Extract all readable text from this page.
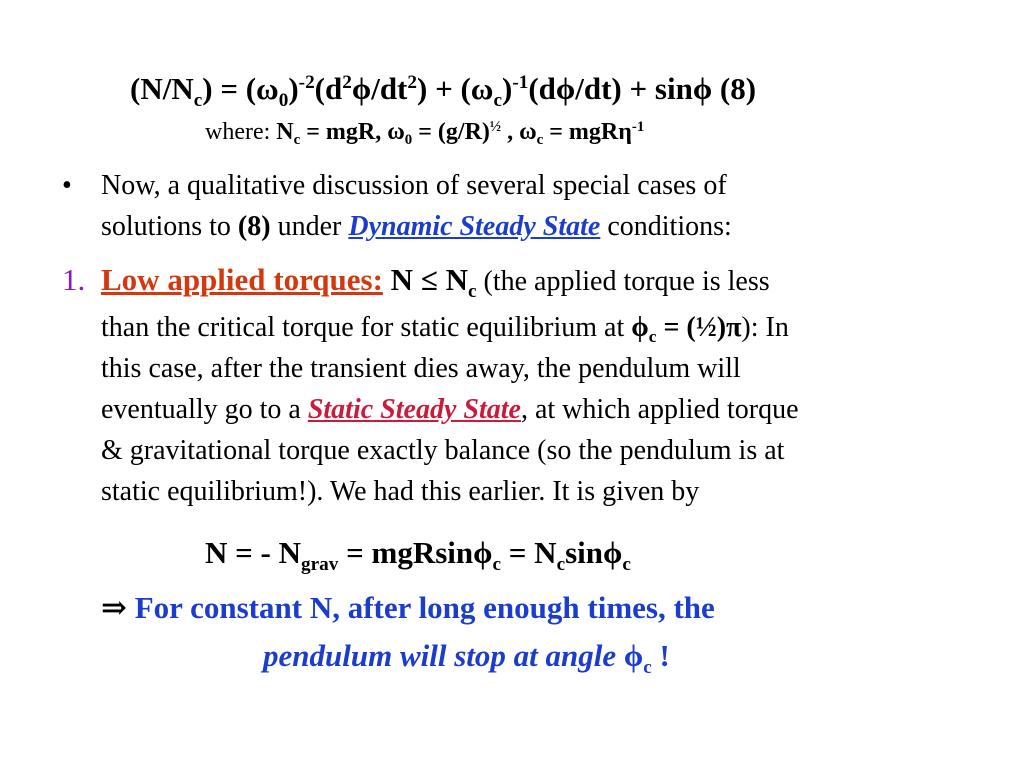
$(N/N_c) = (\omega_0)^{-2}(d^2\phi/dt^2) + (\omega_c)^{-1}(d\phi/dt) + \sin\phi$ (8)
where: $N_c$ = mgR, $\omega_0 = (g/R)^{\frac{1}{2}}$ , $\omega_c = mgR\eta^{-1}$
• Now, a qualitative discussion of several special cases of
solutions to (8) under Dynamic Steady State conditions:
1. Low applied torques: $N \le N_c$ (the applied torque is less
than the critical torque for static equilibrium at $\phi_c$ = (½)π): In
this case, after the transient dies away, the pendulum will
eventually go to a Static Steady State, at which applied torque
& gravitational torque exactly balance (so the pendulum is at
static equilibrium!). We had this earlier. It is given by
N = - $N_{grav} = mgRsin\phi_c = N_c\sin\phi_c$
⇒ For constant N, after long enough times, the
pendulum will stop at angle $\phi_c$ !
